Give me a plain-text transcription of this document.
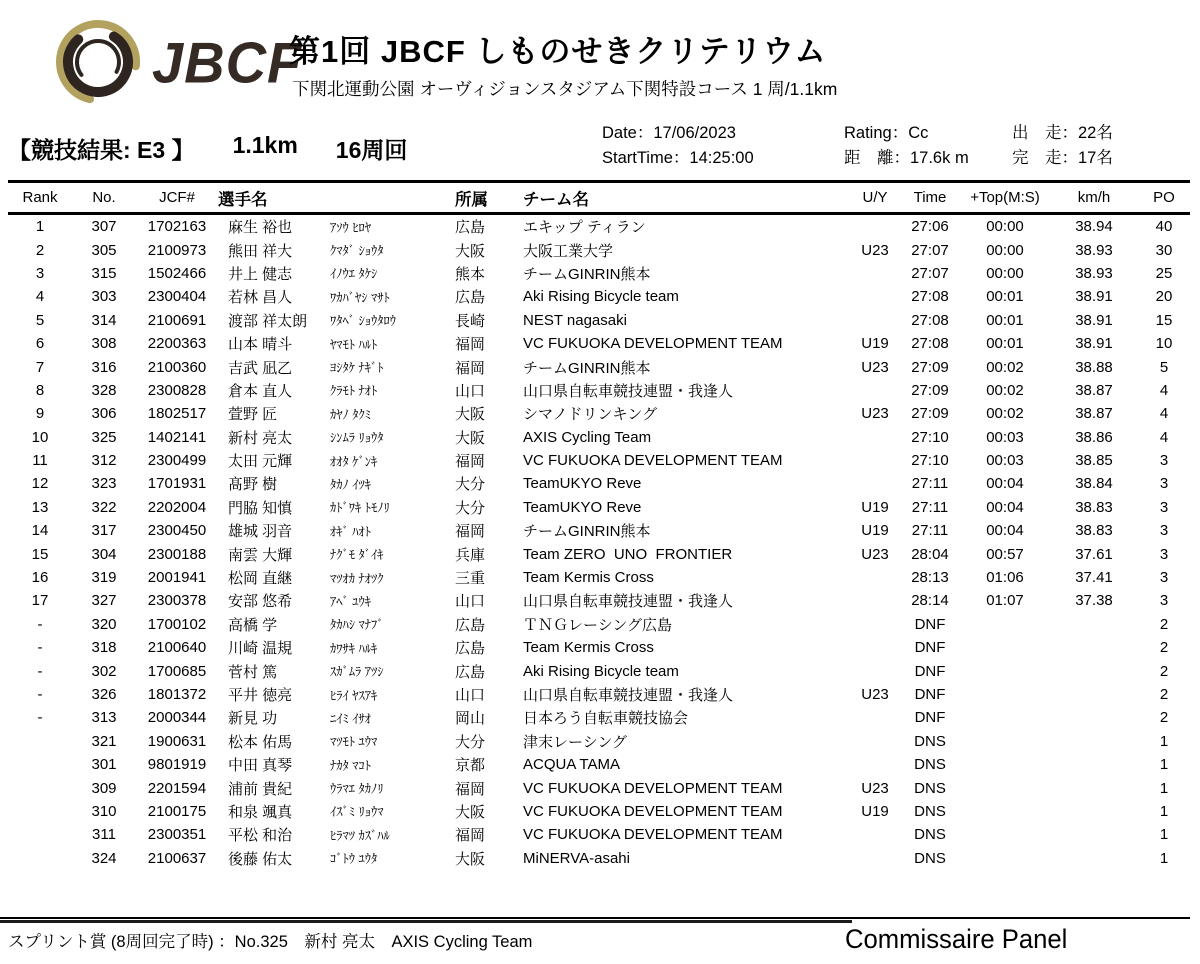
JBCF
第1回 JBCF しものせきクリテリウム
下関北運動公園 オーヴィジョンスタジアム下関特設コース 1 周/1.1km
【競技結果: E3 】 1.1km 16周回
Date：17/06/2023	Rating：Cc	出　走：22名
StartTime：14:25:00	距　離：17.6k m	完　走：17名
Rank	No.	JCF#	選手名		所属	チーム名	U/Y	Time	+Top(M:S)	km/h	PO
1	307	1702163	麻生 裕也	ｱｿｳ ﾋﾛﾔ	広島	エキップ ティラン		27:06	00:00	38.94	40
2	305	2100973	熊田 祥大	ｸﾏﾀﾞ ｼｮｳﾀ	大阪	大阪工業大学	U23	27:07	00:00	38.93	30
3	315	1502466	井上 健志	ｲﾉｳｴ ﾀｹｼ	熊本	チームGINRIN熊本		27:07	00:00	38.93	25
4	303	2300404	若林 昌人	ﾜｶﾊﾞﾔｼ ﾏｻﾄ	広島	Aki Rising Bicycle team		27:08	00:01	38.91	20
5	314	2100691	渡部 祥太朗	ﾜﾀﾍﾞ ｼｮｳﾀﾛｳ	長崎	NEST nagasaki		27:08	00:01	38.91	15
6	308	2200363	山本 晴斗	ﾔﾏﾓﾄ ﾊﾙﾄ	福岡	VC FUKUOKA DEVELOPMENT TEAM	U19	27:08	00:01	38.91	10
7	316	2100360	吉武 凪乙	ﾖｼﾀｹ ﾅｷﾞﾄ	福岡	チームGINRIN熊本	U23	27:09	00:02	38.88	5
8	328	2300828	倉本 直人	ｸﾗﾓﾄ ﾅｵﾄ	山口	山口県自転車競技連盟・我逢人		27:09	00:02	38.87	4
9	306	1802517	萱野 匠	ｶﾔﾉ ﾀｸﾐ	大阪	シマノドリンキング	U23	27:09	00:02	38.87	4
10	325	1402141	新村 亮太	ｼﾝﾑﾗ ﾘｮｳﾀ	大阪	AXIS Cycling Team		27:10	00:03	38.86	4
11	312	2300499	太田 元輝	ｵｵﾀ ｹﾞﾝｷ	福岡	VC FUKUOKA DEVELOPMENT TEAM		27:10	00:03	38.85	3
12	323	1701931	髙野 樹	ﾀｶﾉ ｲﾂｷ	大分	TeamUKYO Reve		27:11	00:04	38.84	3
13	322	2202004	門脇 知慎	ｶﾄﾞﾜｷ ﾄﾓﾉﾘ	大分	TeamUKYO Reve	U19	27:11	00:04	38.83	3
14	317	2300450	雄城 羽音	ｵｷﾞ ﾊｵﾄ	福岡	チームGINRIN熊本	U19	27:11	00:04	38.83	3
15	304	2300188	南雲 大輝	ﾅｸﾞﾓ ﾀﾞｲｷ	兵庫	Team ZERO  UNO  FRONTIER	U23	28:04	00:57	37.61	3
16	319	2001941	松岡 直継	ﾏﾂｵｶ ﾅｵﾂｸ	三重	Team Kermis Cross		28:13	01:06	37.41	3
17	327	2300378	安部 悠希	ｱﾍﾞ ﾕｳｷ	山口	山口県自転車競技連盟・我逢人		28:14	01:07	37.38	3
-	320	1700102	高橋 学	ﾀｶﾊｼ ﾏﾅﾌﾞ	広島	ＴＮＧレーシング広島		DNF			2
-	318	2100640	川崎 温規	ｶﾜｻｷ ﾊﾙｷ	広島	Team Kermis Cross		DNF			2
-	302	1700685	菅村 篤	ｽｶﾞﾑﾗ ｱﾂｼ	広島	Aki Rising Bicycle team		DNF			2
-	326	1801372	平井 徳亮	ﾋﾗｲ ﾔｽｱｷ	山口	山口県自転車競技連盟・我逢人	U23	DNF			2
-	313	2000344	新見 功	ﾆｲﾐ ｲｻｵ	岡山	日本ろう自転車競技協会		DNF			2
	321	1900631	松本 佑馬	ﾏﾂﾓﾄ ﾕｳﾏ	大分	津末レーシング		DNS			1
	301	9801919	中田 真琴	ﾅｶﾀ ﾏｺﾄ	京都	ACQUA TAMA		DNS			1
	309	2201594	浦前 貴紀	ｳﾗﾏｴ ﾀｶﾉﾘ	福岡	VC FUKUOKA DEVELOPMENT TEAM	U23	DNS			1
	310	2100175	和泉 颯真	ｲｽﾞﾐ ﾘｮｳﾏ	大阪	VC FUKUOKA DEVELOPMENT TEAM	U19	DNS			1
	311	2300351	平松 和治	ﾋﾗﾏﾂ ｶｽﾞﾊﾙ	福岡	VC FUKUOKA DEVELOPMENT TEAM		DNS			1
	324	2100637	後藤 佑太	ｺﾞﾄｳ ﾕｳﾀ	大阪	MiNERVA-asahi		DNS			1
スプリント賞 (8周回完了時) ：No.325　新村 亮太　AXIS Cycling Team	Commissaire Panel
